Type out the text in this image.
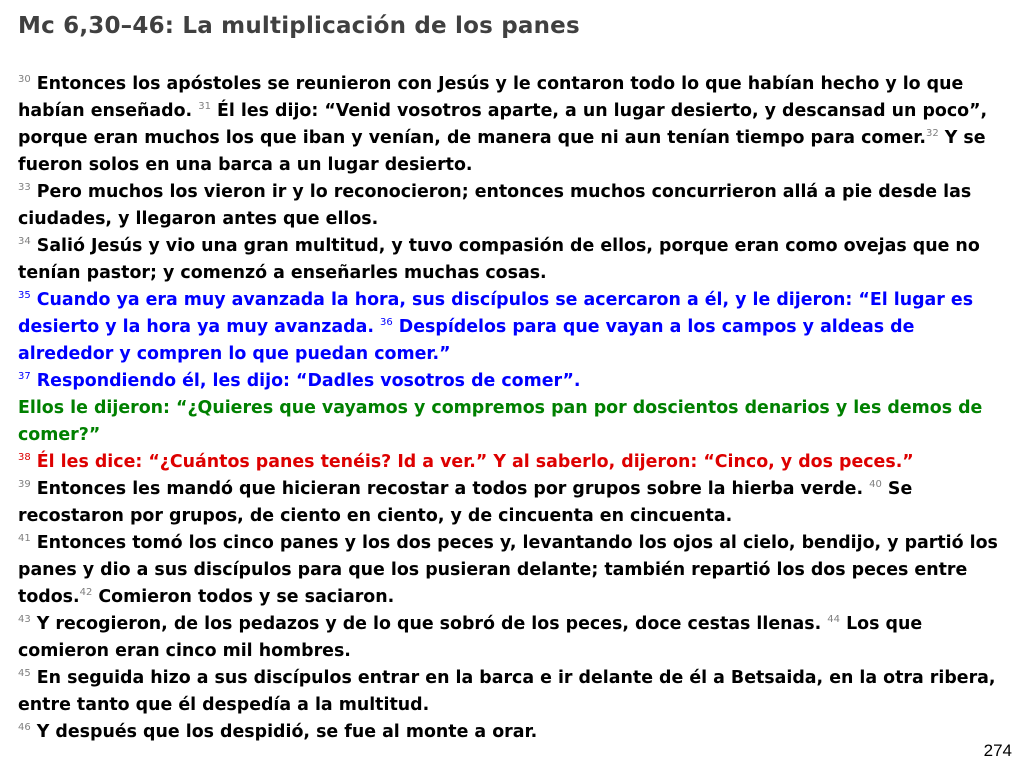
Mc 6,30–46: La multiplicación de los panes

$^{30}$ Entonces los apóstoles se reunieron con Jesús y le contaron todo lo que habían hecho y lo que habían enseñado. $^{31}$ Él les dijo: “Venid vosotros aparte, a un lugar desierto, y descansad un poco”, porque eran muchos los que iban y venían, de manera que ni aun tenían tiempo para comer.$^{32}$ Y se fueron solos en una barca a un lugar desierto.

$^{33}$ Pero muchos los vieron ir y lo reconocieron; entonces muchos concurrieron allá a pie desde las ciudades, y llegaron antes que ellos.

$^{34}$ Salió Jesús y vio una gran multitud, y tuvo compasión de ellos, porque eran como ovejas que no tenían pastor; y comenzó a enseñarles muchas cosas.

$^{35}$ Cuando ya era muy avanzada la hora, sus discípulos se acercaron a él, y le dijeron: “El lugar es desierto y la hora ya muy avanzada. $^{36}$ Despídelos para que vayan a los campos y aldeas de alrededor y compren lo que puedan comer.”

$^{37}$ Respondiendo él, les dijo: “Dadles vosotros de comer”.

Ellos le dijeron: “¿Quieres que vayamos y compremos pan por doscientos denarios y les demos de comer?”

$^{38}$ Él les dice: “¿Cuántos panes tenéis? Id a ver.” Y al saberlo, dijeron: “Cinco, y dos peces.”

$^{39}$ Entonces les mandó que hicieran recostar a todos por grupos sobre la hierba verde. $^{40}$ Se recostaron por grupos, de ciento en ciento, y de cincuenta en cincuenta.

$^{41}$ Entonces tomó los cinco panes y los dos peces y, levantando los ojos al cielo, bendijo, y partió los panes y dio a sus discípulos para que los pusieran delante; también repartió los dos peces entre todos.$^{42}$ Comieron todos y se saciaron.

$^{43}$ Y recogieron, de los pedazos y de lo que sobró de los peces, doce cestas llenas. $^{44}$ Los que comieron eran cinco mil hombres.

$^{45}$ En seguida hizo a sus discípulos entrar en la barca e ir delante de él a Betsaida, en la otra ribera, entre tanto que él despedía a la multitud.

$^{46}$ Y después que los despidió, se fue al monte a orar.

274
